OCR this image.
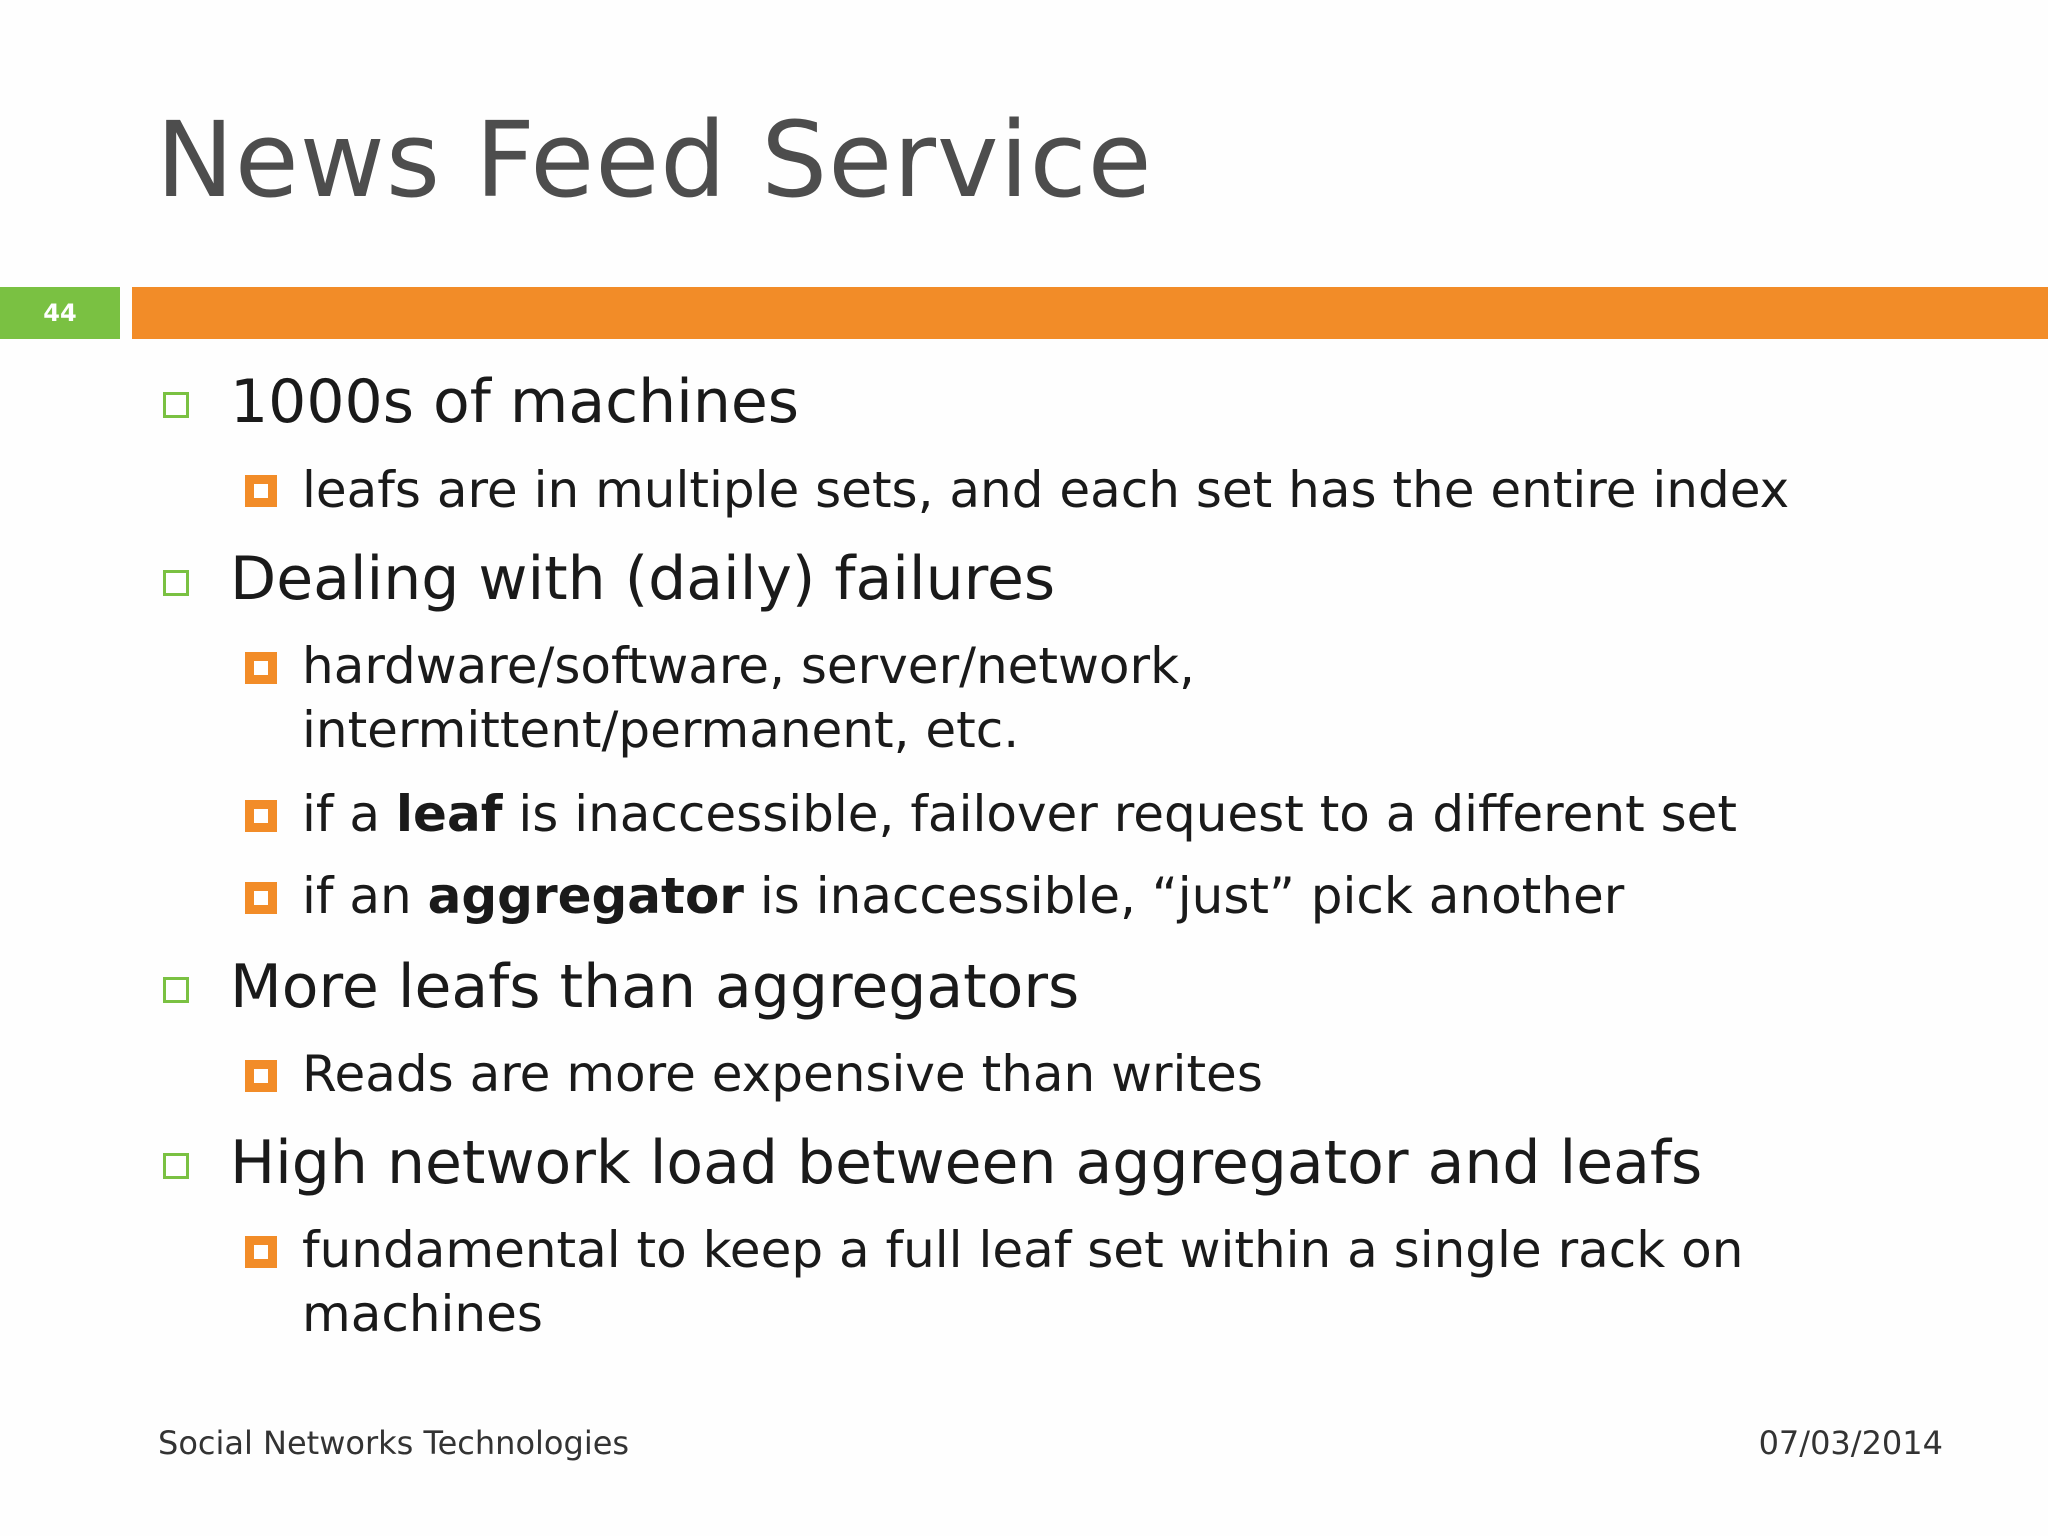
News Feed Service
44
1000s of machines
leafs are in multiple sets, and each set has the entire index
Dealing with (daily) failures
hardware/software, server/network,
intermittent/permanent, etc.
if a leaf is inaccessible, failover request to a different set
if an aggregator is inaccessible, “just” pick another
More leafs than aggregators
Reads are more expensive than writes
High network load between aggregator and leafs
fundamental to keep a full leaf set within a single rack on
machines
Social Networks Technologies	07/03/2014
